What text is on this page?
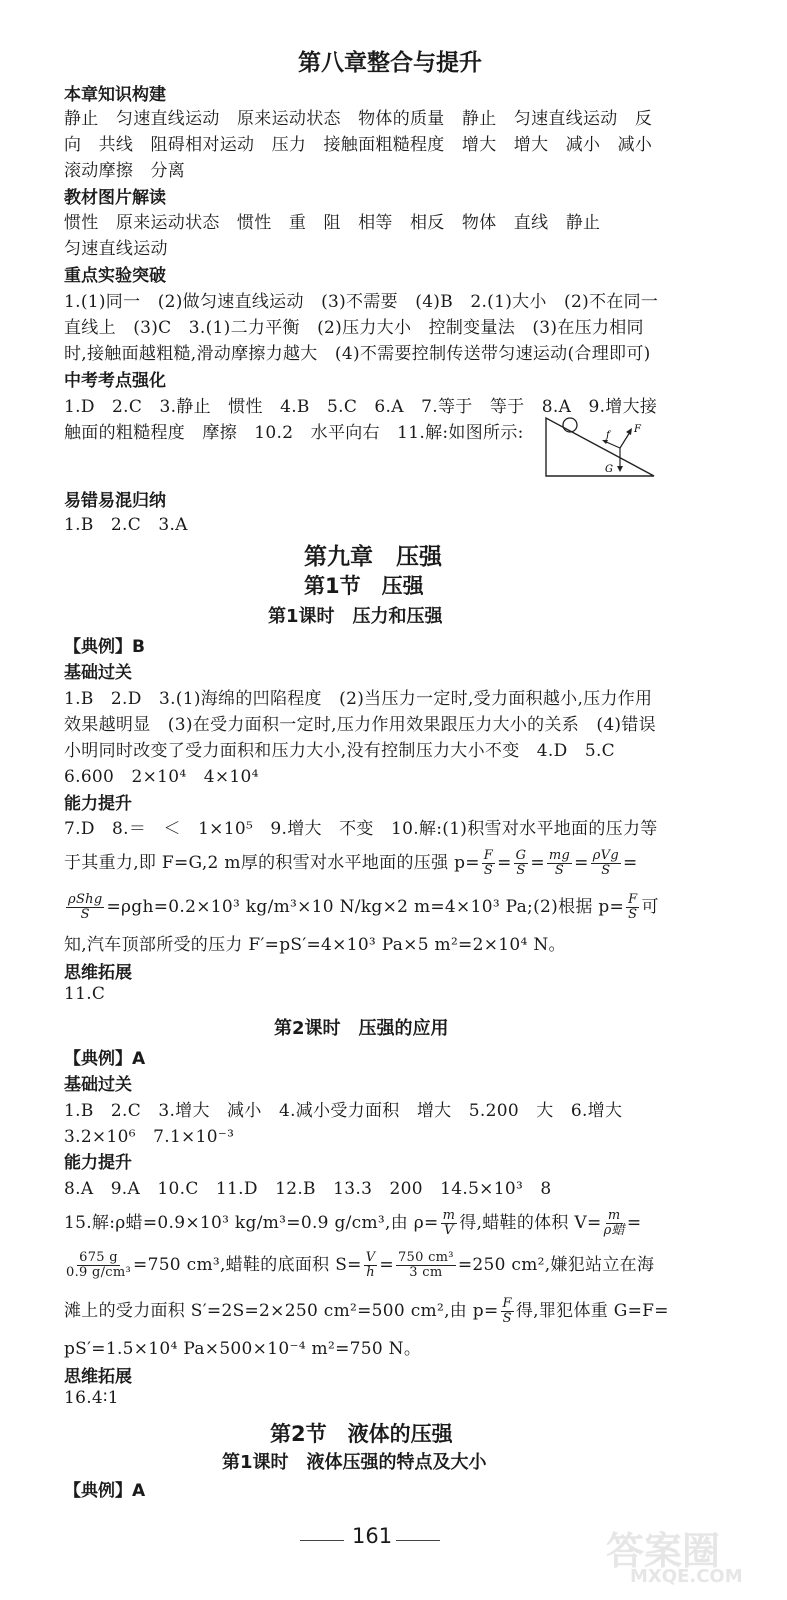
第八章整合与提升
本章知识构建
静止　匀速直线运动　原来运动状态　物体的质量　静止　匀速直线运动　反
向　共线　阻碍相对运动　压力　接触面粗糙程度　增大　增大　减小　减小
滚动摩擦　分离
教材图片解读
惯性　原来运动状态　惯性　重　阻　相等　相反　物体　直线　静止
匀速直线运动
重点实验突破
1.(1)同一　(2)做匀速直线运动　(3)不需要　(4)B　2.(1)大小　(2)不在同一
直线上　(3)C　3.(1)二力平衡　(2)压力大小　控制变量法　(3)在压力相同
时,接触面越粗糙,滑动摩擦力越大　(4)不需要控制传送带匀速运动(合理即可)
中考考点强化
1.D　2.C　3.静止　惯性　4.B　5.C　6.A　7.等于　等于　8.A　9.增大接
触面的粗糙程度　摩擦　10.2　水平向右　11.解:如图所示:	f
F
G
易错易混归纳
1.B　2.C　3.A
第九章　压强
第1节　压强
第1课时　压力和压强
【典例】B
基础过关
1.B　2.D　3.(1)海绵的凹陷程度　(2)当压力一定时,受力面积越小,压力作用
效果越明显　(3)在受力面积一定时,压力作用效果跟压力大小的关系　(4)错误
小明同时改变了受力面积和压力大小,没有控制压力大小不变　4.D　5.C
6.600　2×10⁴　4×10⁴
能力提升
7.D　8.＝　＜　1×10⁵　9.增大　不变　10.解:(1)积雪对水平地面的压力等
于其重力,即 F=G,2 m厚的积雪对水平地面的压强 $p= \frac{F}{S} = \frac{G}{S} = \frac{mg}{S} = \frac{\text{ρVg}}{S}$ =
$\frac{\text{ρShg}}{S} =\rho gh=0.2\times 10^3$ kg/m³×10 N/kg×2 m=4×10³ Pa;(2)根据 $p= \frac{F}{S}$ 可
知,汽车顶部所受的压力 F′=pS′=4×10³ Pa×5 m²=2×10⁴ N。
思维拓展
11.C
第2课时　压强的应用
【典例】A
基础过关
1.B　2.C　3.增大　减小　4.减小受力面积　增大　5.200　大　6.增大
3.2×10⁶　7.1×10⁻³
能力提升
8.A　9.A　10.C　11.D　12.B　13.3　200　14.5×10³　8
15.解:ρ蜡=0.9×10³ kg/m³=0.9 g/cm³,由 $\rho= \frac{m}{V}$ 得,蜡鞋的体积 $V= \frac{m}{\text{ρ蜡}}$ =
$\frac{675 g}{\text{0.9 g/cm³}} =750$ cm³,蜡鞋的底面积 $S= \frac{V}{h} = \frac{\text{750 cm³}}{3 cm} =250$ cm²,嫌犯站立在海
滩上的受力面积 S′=2S=2×250 cm²=500 cm²,由 $p= \frac{F}{S}$ 得,罪犯体重 G=F=
pS′=1.5×10⁴ Pa×500×10⁻⁴ m²=750 N。
思维拓展
16.4∶1
第2节　液体的压强
第1课时　液体压强的特点及大小
【典例】A
161	答案圈
MXQE.COM
